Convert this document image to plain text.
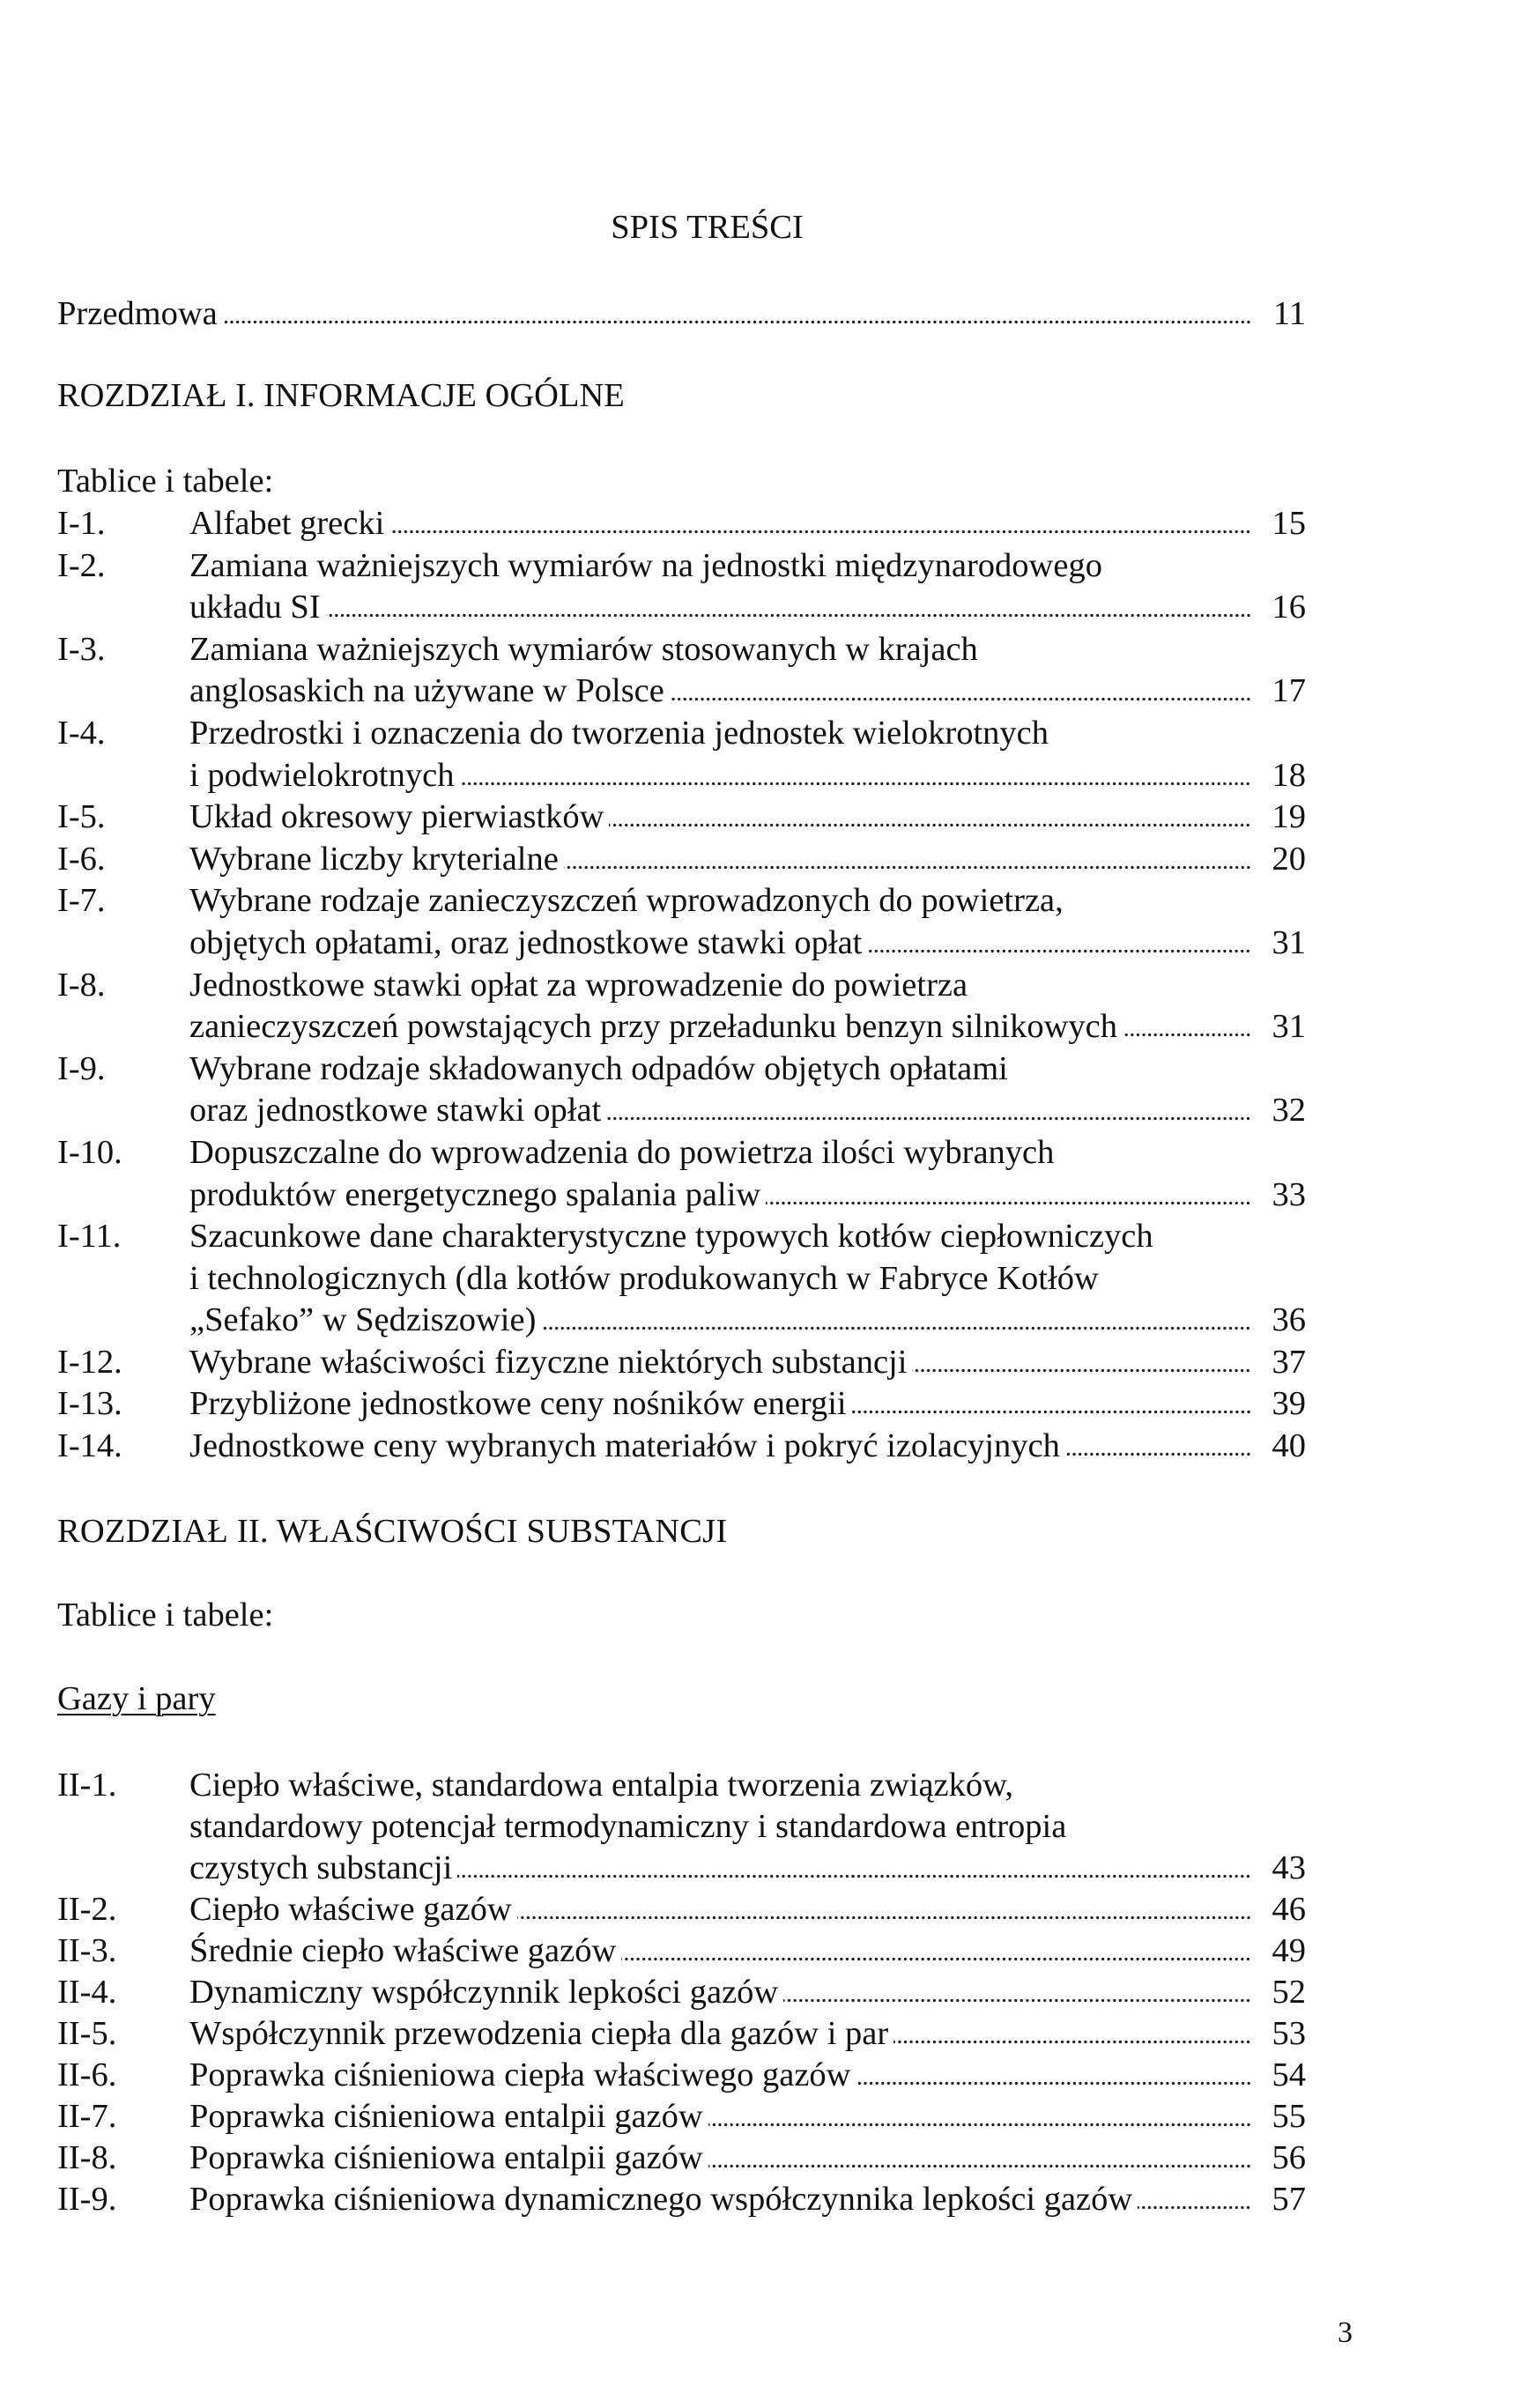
SPIS TREŚCI
Przedmowa	11
ROZDZIAŁ I. INFORMACJE OGÓLNE
Tablice i tabele:
I-1.	Alfabet grecki	15
I-2.	Zamiana ważniejszych wymiarów na jednostki międzynarodowego
układu SI	16
I-3.	Zamiana ważniejszych wymiarów stosowanych w krajach
anglosaskich na używane w Polsce	17
I-4.	Przedrostki i oznaczenia do tworzenia jednostek wielokrotnych
i podwielokrotnych	18
I-5.	Układ okresowy pierwiastków	19
I-6.	Wybrane liczby kryterialne	20
I-7.	Wybrane rodzaje zanieczyszczeń wprowadzonych do powietrza,
objętych opłatami, oraz jednostkowe stawki opłat	31
I-8.	Jednostkowe stawki opłat za wprowadzenie do powietrza
zanieczyszczeń powstających przy przeładunku benzyn silnikowych	31
I-9.	Wybrane rodzaje składowanych odpadów objętych opłatami
oraz jednostkowe stawki opłat	32
I-10.	Dopuszczalne do wprowadzenia do powietrza ilości wybranych
produktów energetycznego spalania paliw	33
I-11.	Szacunkowe dane charakterystyczne typowych kotłów ciepłowniczych
i technologicznych (dla kotłów produkowanych w Fabryce Kotłów
„Sefako” w Sędziszowie)	36
I-12.	Wybrane właściwości fizyczne niektórych substancji	37
I-13.	Przybliżone jednostkowe ceny nośników energii	39
I-14.	Jednostkowe ceny wybranych materiałów i pokryć izolacyjnych	40
ROZDZIAŁ II. WŁAŚCIWOŚCI SUBSTANCJI
Tablice i tabele:
Gazy i pary
II-1.	Ciepło właściwe, standardowa entalpia tworzenia związków,
standardowy potencjał termodynamiczny i standardowa entropia
czystych substancji	43
II-2.	Ciepło właściwe gazów	46
II-3.	Średnie ciepło właściwe gazów	49
II-4.	Dynamiczny współczynnik lepkości gazów	52
II-5.	Współczynnik przewodzenia ciepła dla gazów i par	53
II-6.	Poprawka ciśnieniowa ciepła właściwego gazów	54
II-7.	Poprawka ciśnieniowa entalpii gazów	55
II-8.	Poprawka ciśnieniowa entalpii gazów	56
II-9.	Poprawka ciśnieniowa dynamicznego współczynnika lepkości gazów	57
3
